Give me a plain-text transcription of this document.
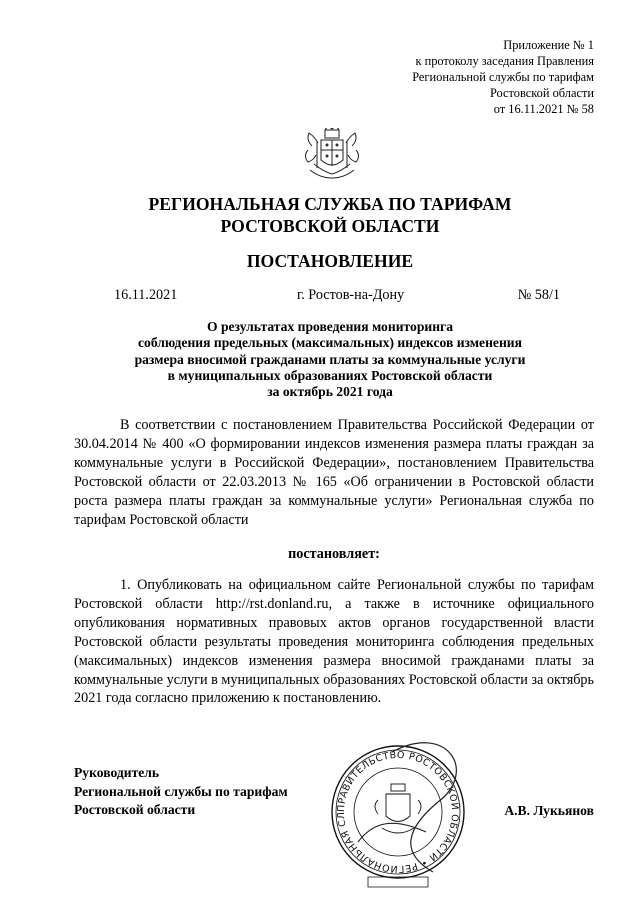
Приложение № 1
к протоколу заседания Правления
Региональной службы по тарифам
Ростовской области
от 16.11.2021 № 58
РЕГИОНАЛЬНАЯ СЛУЖБА ПО ТАРИФАМ
РОСТОВСКОЙ ОБЛАСТИ
ПОСТАНОВЛЕНИЕ
16.11.2021	г. Ростов-на-Дону	№ 58/1
О результатах проведения мониторинга
соблюдения предельных (максимальных) индексов изменения
размера вносимой гражданами платы за коммунальные услуги
в муниципальных образованиях Ростовской области
за октябрь 2021 года
В соответствии с постановлением Правительства Российской Федерации от 30.04.2014 № 400 «О формировании индексов изменения размера платы граждан за коммунальные услуги в Российской Федерации», постановлением Правительства Ростовской области от 22.03.2013 № 165 «Об ограничении в Ростовской области роста размера платы граждан за коммунальные услуги» Региональная служба по тарифам Ростовской области
постановляет:
1. Опубликовать на официальном сайте Региональной службы по тарифам Ростовской области http://rst.donland.ru, а также в источнике официального опубликования нормативных правовых актов органов государственной власти Ростовской области результаты проведения мониторинга соблюдения предельных (максимальных) индексов изменения размера вносимой гражданами платы за коммунальные услуги в муниципальных образованиях Ростовской области за октябрь 2021 года согласно приложению к постановлению.
ПРАВИТЕЛЬСТВО РОСТОВСКОЙ ОБЛАСТИ • РЕГИОНАЛЬНАЯ СЛ
Руководитель
Региональной службы по тарифам
Ростовской области	А.В. Лукьянов
